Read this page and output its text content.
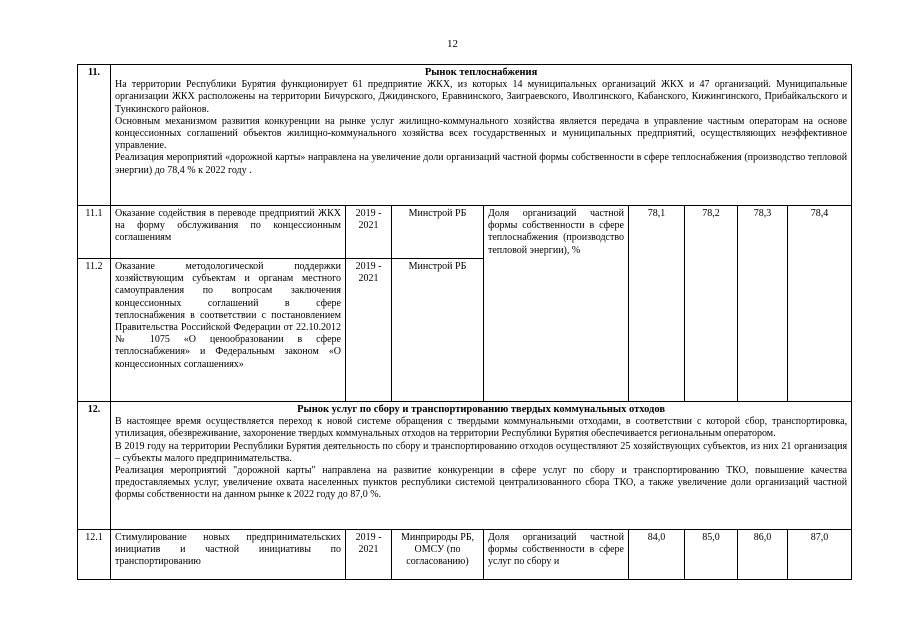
12
11.	Рынок теплоснабжения
На территории Республики Бурятия функционирует 61 предприятие ЖКХ, из которых 14 муниципальных организаций ЖКХ и 47 организаций. Муниципальные организации ЖКХ расположены на территории Бичурского, Джидинского, Еравнинского, Заиграевского, Иволгинского, Кабанского, Кижингинского, Прибайкальского и Тункинского районов.
Основным механизмом развития конкуренции на рынке услуг жилищно-коммунального хозяйства является передача в управление частным операторам на основе концессионных соглашений объектов жилищно-коммунального хозяйства всех государственных и муниципальных предприятий, осуществляющих неэффективное управление.
Реализация мероприятий «дорожной карты» направлена на увеличение доли организаций частной формы собственности в сфере теплоснабжения (производство тепловой энергии) до 78,4 % к 2022 году .							

11.1	Оказание содействия в переводе предприятий ЖКХ на форму обслуживания по концессионным соглашениям	2019 - 2021	Минстрой РБ	Доля организаций частной формы собственности в сфере теплоснабжения (производство тепловой энергии), %	78,1	78,2	78,3	78,4
11.2	Оказание методологической поддержки хозяйствующим субъектам и органам местного самоуправления по вопросам заключения концессионных соглашений в сфере теплоснабжения в соответствии с постановлением Правительства Российской Федерации от 22.10.2012 № 1075 «О ценообразовании в сфере теплоснабжения» и Федеральным законом «О концессионных соглашениях»	2019 - 2021	Минстрой РБ					
12.	Рынок услуг по сбору и транспортированию твердых коммунальных отходов
В настоящее время осуществляется переход к новой системе обращения с твердыми коммунальными отходами, в соответствии с которой сбор, транспортировка, утилизация, обезвреживание, захоронение твердых коммунальных отходов на территории Республики Бурятия обеспечивается региональным оператором.
В 2019 году на территории Республики Бурятия деятельность по сбору и транспортированию отходов осуществляют 25 хозяйствующих субъектов, из них 21 организация – субъекты малого предпринимательства.
Реализация мероприятий "дорожной карты" направлена на развитие конкуренции в сфере услуг по сбору и транспортированию ТКО, повышение качества предоставляемых услуг, увеличение охвата населенных пунктов республики системой централизованного сбора ТКО, а также увеличение доли организаций частной формы собственности на данном рынке к 2022 году до 87,0 %.							

12.1	Стимулирование новых предпринимательских инициатив и частной инициативы по транспортированию	2019 - 2021	Минприроды РБ, ОМСУ (по согласованию)	Доля организаций частной формы собственности в сфере услуг по сбору и	84,0	85,0	86,0	87,0
